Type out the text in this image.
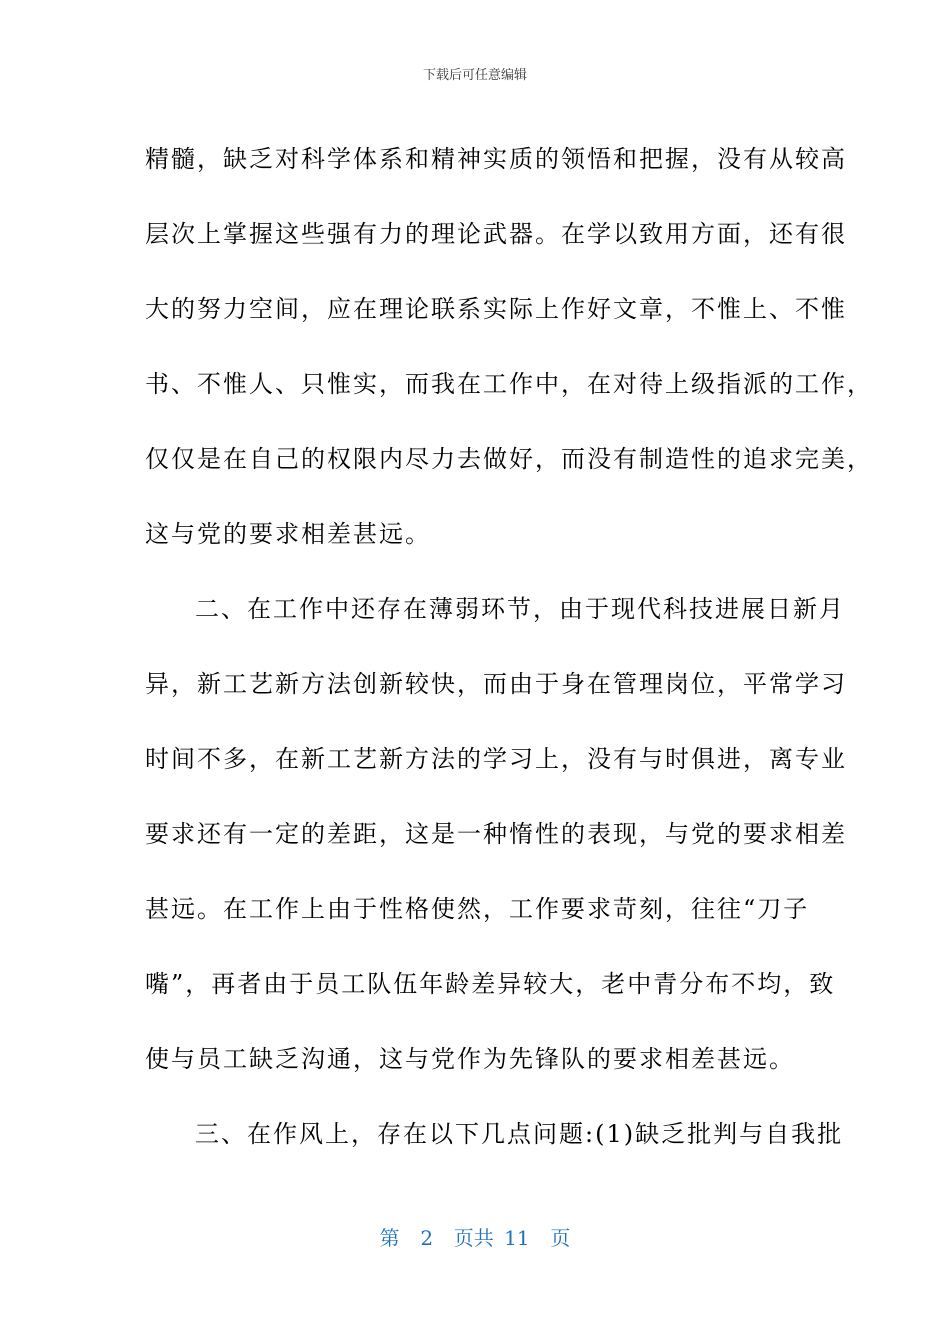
下载后可任意编辑
精髓，缺乏对科学体系和精神实质的领悟和把握，没有从较高
层次上掌握这些强有力的理论武器。在学以致用方面，还有很
大的努力空间，应在理论联系实际上作好文章，不惟上、不惟
书、不惟人、只惟实，而我在工作中，在对待上级指派的工作，
仅仅是在自己的权限内尽力去做好，而没有制造性的追求完美，
这与党的要求相差甚远。
二、在工作中还存在薄弱环节，由于现代科技进展日新月
异，新工艺新方法创新较快，而由于身在管理岗位，平常学习
时间不多，在新工艺新方法的学习上，没有与时俱进，离专业
要求还有一定的差距，这是一种惰性的表现，与党的要求相差
甚远。在工作上由于性格使然，工作要求苛刻，往往“刀子
嘴”，再者由于员工队伍年龄差异较大，老中青分布不均，致
使与员工缺乏沟通，这与党作为先锋队的要求相差甚远。
三、在作风上，存在以下几点问题:(1)缺乏批判与自我批
第  2  页共 11  页
